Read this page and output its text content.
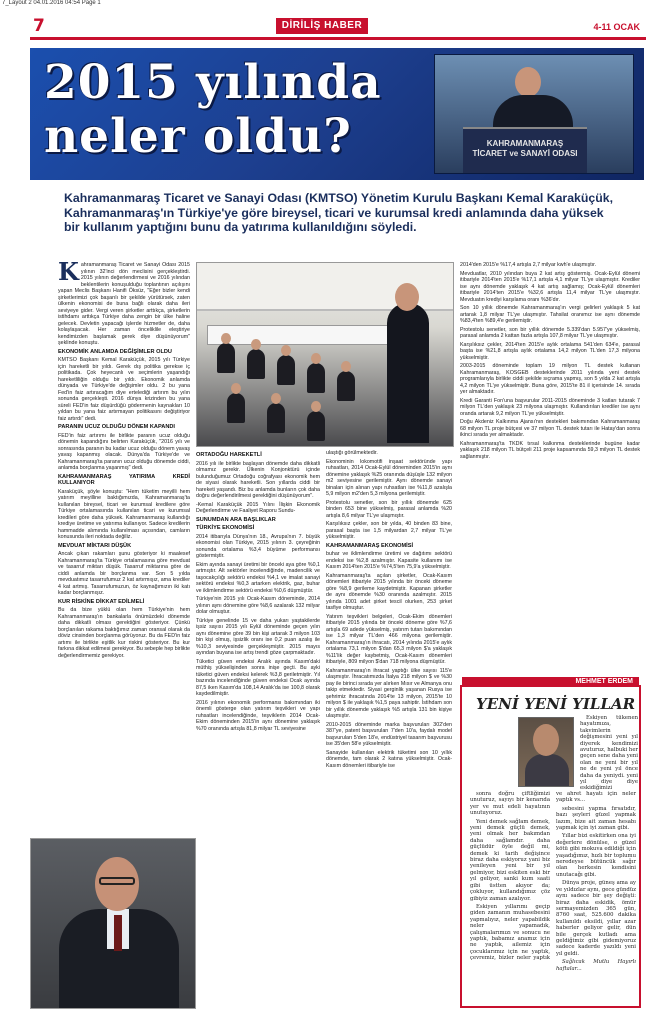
7_Layout 2 04.01.2016 04:54 Page 1
7	DİRİLİŞ HABER	4-11 OCAK
2015 yılında
neler oldu?	KAHRAMANMARAŞ
TİCARET ve SANAYİ ODASI
Kahramanmaraş Ticaret ve Sanayi Odası (KMTSO) Yönetim Kurulu Başkanı Kemal Karaküçük, Kahramanmaraş'ın Türkiye'ye göre bireysel, ticari ve kurumsal kredi anlamında daha yüksek bir kullanım yaptığını bunu da yatırıma kullanıldığını söyledi.

Kahramanmaraş Ticaret ve Sanayi Odası 2015 yılının 32'inci dön meclisini gerçekleştirdi. 2015 yılının değerlendirmesi ve 2016 yılından beklentilerin konuşulduğu toplantının açılışını yapan Meclis Başkanı Hanifi Öksüz, "Eğer bizler kendi şirketlerimizi çok başarılı bir şekilde yürütürsek, zaten ülkenin ekonomisi de buna bağlı olarak daha ileri seviyeye gider. Vergi veren şirketler arttıkça, şirketlerin istihdamı arttıkça Türkiye daha zengin bir ülke haline gelecek. Devletin yapacağı işlerde hizmetler de, daha kolaylaşacak. Her zaman önceliklile eleştiriye kendimizden başlamak gerek diye düşünüyorum" şeklinde konuştu.

EKONOMİK ANLAMDA DEĞİŞİMLER OLDU

KMTSO Başkanı Kemal Karaküçük, 2015 yılı Türkiye için hareketli bir yıldı. Gerek dış politika gerekse iç politikada. Çok heyecanlı ve seçimlerin yaşandığı hareketliliğin olduğu bir yıldı. Ekonomik anlamda dünyada ve Türkiye'de değişimler oldu. 2 bu yana Fed'in faiz artıracağım diye ertelediği artırım bu yılın sonunda gerçekleşti. 2016 dünya krizinden bu yana süreli FED'in faiz düşürdüğü gödermenin kaynakları 10 yıldan bu yana faiz artırmayan politikasını değiştiriyor faiz artırdı" dedi.

PARANIN UCUZ OLDUĞU DÖNEM KAPANDI

FED'in faiz artırımı ile birlikte paranın ucuz olduğu dönemin kapandığını belirten Karaküçük, "2016 yılı ve sonrasında paranın bu kadar ucuz olduğu dönem yavaş yavaş kapanmış olacak. Dünya'da Türkiye'de ve Kahramanmaraş'ta paranın ucuz olduğu dönemde ciddi, anlamda borçlanma yaşanmış" dedi.

KAHRAMANMARAŞ YATIRIMA KREDİ KULLANIYOR

Karaküçük, şöyle konuştu: "Hem tüketim meyilli hem yatırım meyilline baktığımızda, Kahramanmaraş'ta kullanılan bireysel, ticari ve kurumsal kredilere göre Türkiye ortalamasında kullanılan ticari ve kurumsal kredileri göre daha yüksek. Kahramanmaraş kullandığı krediye üretime ve yatırıma kullanıyor. Sadece kredilerin hammadde alımında kullanılması açısından, camların konusunda ileri noktada değiliz.

MEVDUAT MİKTARI DÜŞÜK

Ancak çıkan rakamları şunu gösteriyor ki maalesef Kahramanmaraş'ta Türkiye ortalamasına göre mevduat ve tasarruf miktarı düşük. Tasarruf miktarına göre de ciddi anlamda bir borçlanma var. Son 5 yılda mevduatımız tasarrufumuz 2 kat artırmışız, ama krediler 4 kat artmış. Tasarrufumuzun, öz kaynağımızın iki katı kadar borçlanmışız.

KUR RİSKİNE DİKKAT EDİLMELİ

Bu da bize yüklü olan hem Türkiye'nin hem Kahramanmaraş'ın bankalarla önümüzdeki dönemde daha dikkatli olması gerektiğini gösteriyor. Çünkü borçlanılan rakama baktığımız zaman oransal olarak da döviz cinsinden borçlanma görüyoruz. Bu da FED'in faiz artımı ile birlikte eşitlik kur riskini gösteriyor. Bu kur farkına dikkat edilmesi gerekiyor. Bu sebeple hep birlikte değerlendirmemiz gerekiyor.

ORTADOĞU HAREKETLİ

2016 yılı ile birlikte başlayan dönemde daha dikkatli olmamız gerekir. Ülkenin Konjonktürü içinde bulunduğumuz Ortadoğu coğrafyası ekonomik hem de siyasi olarak hareketli. Son yıllarda ciddi bir hareketi yaşandı. Biz bu anlamda bunların çok daha doğru değerlendirilmesi gerektiğini düşünüyorum".

-Kemal Karaküçük 2015 Yılını İlişkin Ekonomik Değerlendirme ve Faaliyet Raporu Sundu-

SUNUMDAN ARA BAŞLIKLAR
TÜRKİYE EKONOMİSİ

2014 itibarıyla Dünya'nın 18., Avrupa'nın 7. büyük ekonomisi olan Türkiye, 2015 yılının 3. çeyreğinin sonunda ortalama %3,4 büyüme performansı göstermiştir.

Ekim ayında sanayi üretimi bir önceki aya göre %0,1 artmıştır. Alt sektörler incelendiğinde, madencilik ve taşocakçılığı sektörü endeksi %4,1 ve imalat sanayi sektörü endeksi %0,3 artarken elektrik, gaz, buhar ve iklimlendirme sektörü endeksi %0,6 düşmüştür.

Türkiye'nin 2015 yılı Ocak-Kasım döneminde, 2014 yılının aynı dönemine göre %8,6 azalarak 132 milyar dolar olmuştur.

Türkiye genelinde 15 ve daha yukarı yaştakilerde işsiz sayısı 2015 yılı Eylül döneminde geçen yılın aynı dönemine göre 39 bin kişi artarak 3 milyon 103 bin kişi olmuş, işsizlik oranı ise 0,2 puan azalış ile %10,3 seviyesinde gerçekleşmiştir. 2015 mayıs ayından buyana ise artış trendi göze çarpmaktadır.

Tüketici güven endeksi Aralık ayında Kasım'daki müthiş yükselişinden sonra inişe geçti. Bu ayki tüketici güven endeksi kelerek %3,8 geriletmiştir. Yıl bazında incelendiğinde güven endeksi Ocak ayında 87,5 iken Kasım'da 108,14 Aralık'da ise 100,8 olarak kaydedilmiştir.

2016 yılının ekonomik performansı bakımından iki önemli gösterge olan yatırım teşvikleri ve yapı ruhsatları incelendiğinde, teşviklerin 2014 Ocak-Ekim döneminden 2015'in aynı dönemine yaklaşık %70 oranında artışla 81,8 milyar TL seviyesine

ulaştığı görülmektedir.

Ekonominin lokomotifi inşaat sektöründe yapı ruhsatları, 2014 Ocak-Eylül döneminden 2015'in aynı dönemine yaklaşık %25 oranında düşüşle 132 milyon m2 seviyesine gerilemiştir. Aynı dönemde sanayi binaları için alınan yapı ruhsatları ise %11,8 azalışla 5,9 milyon m2'den 5,3 milyona gerilemiştir.

Protestolu senetler, son bir yıllık dönemde 625 binden 653 bine yükselmiş, parasal anlamda %20 artışla 8,6 milyar TL'ye ulaşmıştır.

Karşılıksız çekler, son bir yılda, 40 binden 83 bine, parasal başta ise 1,5 milyardan 2,7 milyar TL'ye yükselmiştir.

KAHRAMANMARAŞ EKONOMİSİ

buhar ve iklimlendirme üretimi ve dağıtımı sektörü endeksi ise %2,8 azalmıştır. Kapasite kullanımı ise Kasım 2014'ten 2015'e %74,5'ten 75,9'a yükselmiştir.

Kahramanmaraş'ta açılan şirketler, Ocak-Kasım dönemleri itibariyle 2015 yılında bir önceki döneme göre %8,9 gerileme kaydetmiştir. Kapanan şirketler de aynı dönemde %30 oranında azalmıştır. 2015 yılında 1001 adet şirket tescil olurken, 253 şirket tasfiye olmuştur.

Yatırım teşvikleri belgeleri, Ocak-Ekim dönemleri itibariyle 2015 yılında bir önceki döneme göre %7,6 artışla 69 adede yükselmiş, yatırım tutarı bakımından ise 1,3 milyar TL'den 466 milyona gerilemiştir. Kahramanmaraş'ın ihracatı, 2014 yılında 2015'e aylık ortalama 73,1 milyon $'dan 65,3 milyon $'a yaklaşık %11'lik değer kaybetmiş, Ocak-Kasım dönemleri itibariyle, 809 milyon $'dan 718 milyona düşmüştür.

Kahramanmaraş'ın ihracat yaptığı ülke sayısı 115'e ulaşmıştır. İhracatımızda İtalya 218 milyon $ ve %30 pay ile birinci sırada yer alırken Mısır ve Almanya onu takip etmektedir. Siyasi gerginlik yaşanan Rusya ise şehrimiz ihracatında 2014'te 13 milyon, 2015'te 10 milyon $ ile yaklaşık %1,5 paya sahiptir. İstihdam son bir yıllık dönemde yaklaşık %5 artışla 131 bin kişiye ulaşmıştır.

2010-2015 döneminde marka başvuruları 302'den 387'ye, patent başvuruları 7'den 10'a, faydalı model başvuruları 5'den 18'e, endüstriyel tasarım başvurusu ise 35'den 58'e yükselmiştir.

Sanayide kullanılan elektrik tüketimi son 10 yıllık dönemde, tam olarak 2 katına yükselmiştir. Ocak-Kasım dönemleri itibariyle ise

2014'den 2015'e %17,4 artışla 2,7 milyar kwh'e ulaşmıştır.

Mevduatlar, 2010 yılından buya 2 kat artış göstermiş. Ocak-Eylül dönemi itibariyle 2014'ten 2015'e %17,1 artışla 4,1 milyar TL'ye ulaşmıştır. Krediler ise aynı dönemde yaklaşık 4 kat artış sağlamış; Ocak-Eylül dönemleri itibariyle 2014'ten 2015'e %32,6 artışla 11,4 milyar TL'ye ulaşmıştır. Mevduatın krediyi karşılama oranı %36'dır.

Son 10 yıllık dönemde Kahramanmaraş'ın vergi gelirleri yaklaşık 5 kat artarak 1,8 milyar TL'ye ulaşmıştır. Tahsilat oranımız ise aynı dönemde %83,4'ten %89,4'e gerilemiştir.

Protestolu senetler, son bir yıllık dönemde 5.339'dan 5.957'ye yükselmiş, parasal anlamda 2 kattan fazla artışla 107,8 milyar TL'ye ulaşmıştır.

Karşılıksız çekler, 2014'ten 2015'e aylık ortalama 541'den 634'e, parasal başta ise %21,8 artışla aylık ortalama 14,2 milyon TL'den 17,3 milyona yükselmiştir.

2003-2015 döneminde toplam 19 milyon TL destek kullanan Kahramanmaraş, KOSGEB desteklerinde 2011 yılında yeni destek programlarıyla birlikte ciddi şekilde sıçrama yapmış, son 5 yılda 2 kat artışla 4,2 milyon TL'ye yükselmiştir. Buna göre, 2015'te 81 il içerisinde 14. sırada yer almaktadır.

Kredi Garanti Fon'una başvurular 2011-2015 döneminde 3 katları tutarak 7 milyon TL'den yaklaşık 23 milyona ulaşmıştır. Kullandırılan krediler ise aynı oranda artarak 9,2 milyon TL'ye yükselmiştir.

Doğu Akdeniz Kalkınma Ajansı'nın destekleri bakımından Kahramanmaraş 68 milyon TL proje bütçesi ve 37 milyon TL destek tutarı ile Hatay'dan sonra ikinci sırada yer almaktadır.

Kahramanmaraş'ta TKDK tırsal kalkınma desteklerinde bugüne kadar yaklaşık 218 milyon TL bütçeli 211 proje kapsamında 59,3 milyon TL destek sağlanmıştır.

MEHMET ERDEM
YENİ YENİ YILLAR

Eskiyen tükenen hayatımıza, takvimlerin değişmesini yeni yıl diyerek kendimizi avuturuz, halbuki her geçen sene daha yeni olan ne yeni bir yıl ne de yeni yıl önce daha da yeniydi. yeni yıl diye diye eskidiğimizi

sonra doğru çiftliğimizi unuturuz, sayıyı bir kenarıda yer ve mut edeli hayatının unutuyoruz.

Yeni demek sağlam demek, yeni demek güçlü demek, yeni olmak her bakımdan daha sağlamdır. daha güçlüdür öyle değil mi, demek ki tarih değişince biraz daha eskiyoruz yani biz yenileyen yeni bir yıl gelmiyor, bizi eskiten eski bir yıl geliyor, sanki kum saati gibi üstten akıyor da; çokluyor, kullandığımız çöz gibiyiz zaman azalıyor.

Eskiyen yıllarımı geçip giden zamanın muhasebesini yapmalıyız, neler yapabildik neler yapamadık, çalışmalarımızı ve sonucu ne yaptık, babamız anamız için ne yaptık, ailemiz için çocuklarımız için ne yaptık, çevremiz, bizler neler yaptık ve ahret hayatı için neler yaptık vs...

sebesini yapma fırsatıdır, bazı şeyleri güzel yapmak lazım, bize ait zaman hesabı yapmak için iyi zaman gibi.

Yıllar bizi eskitirken ona iyi değerlere dönülse, o güzel kötü gibi mokuva edildiği için yaşadığımız, hızlı bir toplumu neredeyse bütüncük sağır olan herkesin kendisini unutacağı gibi.

Dünya proje, güneş ama ay ve yıldızlar aynı, gece gündüz aynı sadece bir şey değişti: biraz daha eskidik, ömür sermayemizden 365 gün, 8760 saat, 525.600 dakika kullanıldı eksildi, yıllar azar haberler geliyor gelir, dün bile gerçek kutladı ama geldiğimiz gibi gidemiyoruz sadece kaderde yazıldı yeni yıl geldi.

Sağlıcak Mutlu Hayırlı haftalar...
